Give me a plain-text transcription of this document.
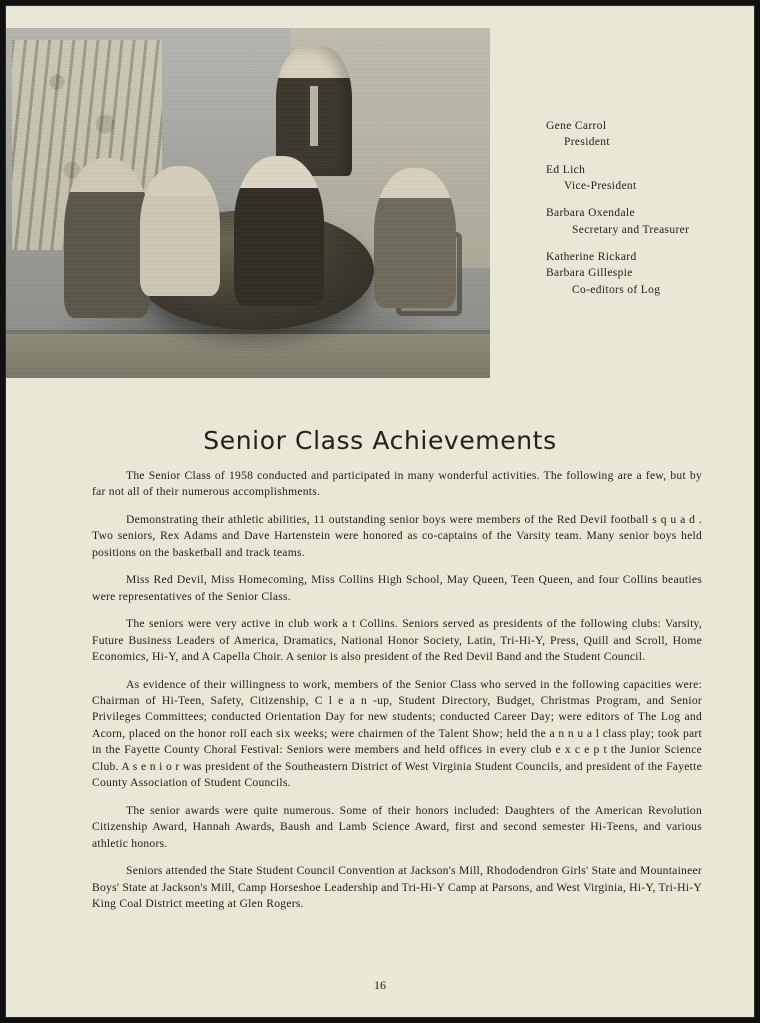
Gene Carrol
President
Ed Lich
Vice-President
Barbara Oxendale
Secretary and Treasurer
Katherine Rickard
Barbara Gillespie
Co-editors of Log
Senior Class Achievements

The Senior Class of 1958 conducted and participated in many wonderful activities. The following are a few, but by far not all of their numerous accomplishments.

Demonstrating their athletic abilities, 11 outstanding senior boys were members of the Red Devil football s q u a d . Two seniors, Rex Adams and Dave Hartenstein were honored as co-captains of the Varsity team. Many senior boys held positions on the basketball and track teams.

Miss Red Devil, Miss Homecoming, Miss Collins High School, May Queen, Teen Queen, and four Collins beauties were representatives of the Senior Class.

The seniors were very active in club work a t Collins. Seniors served as presidents of the following clubs: Varsity, Future Business Leaders of America, Dramatics, National Honor Society, Latin, Tri-Hi-Y, Press, Quill and Scroll, Home Economics, Hi-Y, and A Capella Choir. A senior is also president of the Red Devil Band and the Student Council.

As evidence of their willingness to work, members of the Senior Class who served in the following capacities were: Chairman of Hi-Teen, Safety, Citizenship, C l e a n -up, Student Directory, Budget, Christmas Program, and Senior Privileges Committees; conducted Orientation Day for new students; conducted Career Day; were editors of The Log and Acorn, placed on the honor roll each six weeks; were chairmen of the Talent Show; held the a n n u a l class play; took part in the Fayette County Choral Festival: Seniors were members and held offices in every club e x c e p t the Junior Science Club. A s e n i o r was president of the Southeastern District of West Virginia Student Councils, and president of the Fayette County Association of Student Councils.

The senior awards were quite numerous. Some of their honors included: Daughters of the American Revolution Citizenship Award, Hannah Awards, Baush and Lamb Science Award, first and second semester Hi-Teens, and various athletic honors.

Seniors attended the State Student Council Convention at Jackson's Mill, Rhododendron Girls' State and Mountaineer Boys' State at Jackson's Mill, Camp Horseshoe Leadership and Tri-Hi-Y Camp at Parsons, and West Virginia, Hi-Y, Tri-Hi-Y King Coal District meeting at Glen Rogers.

16
